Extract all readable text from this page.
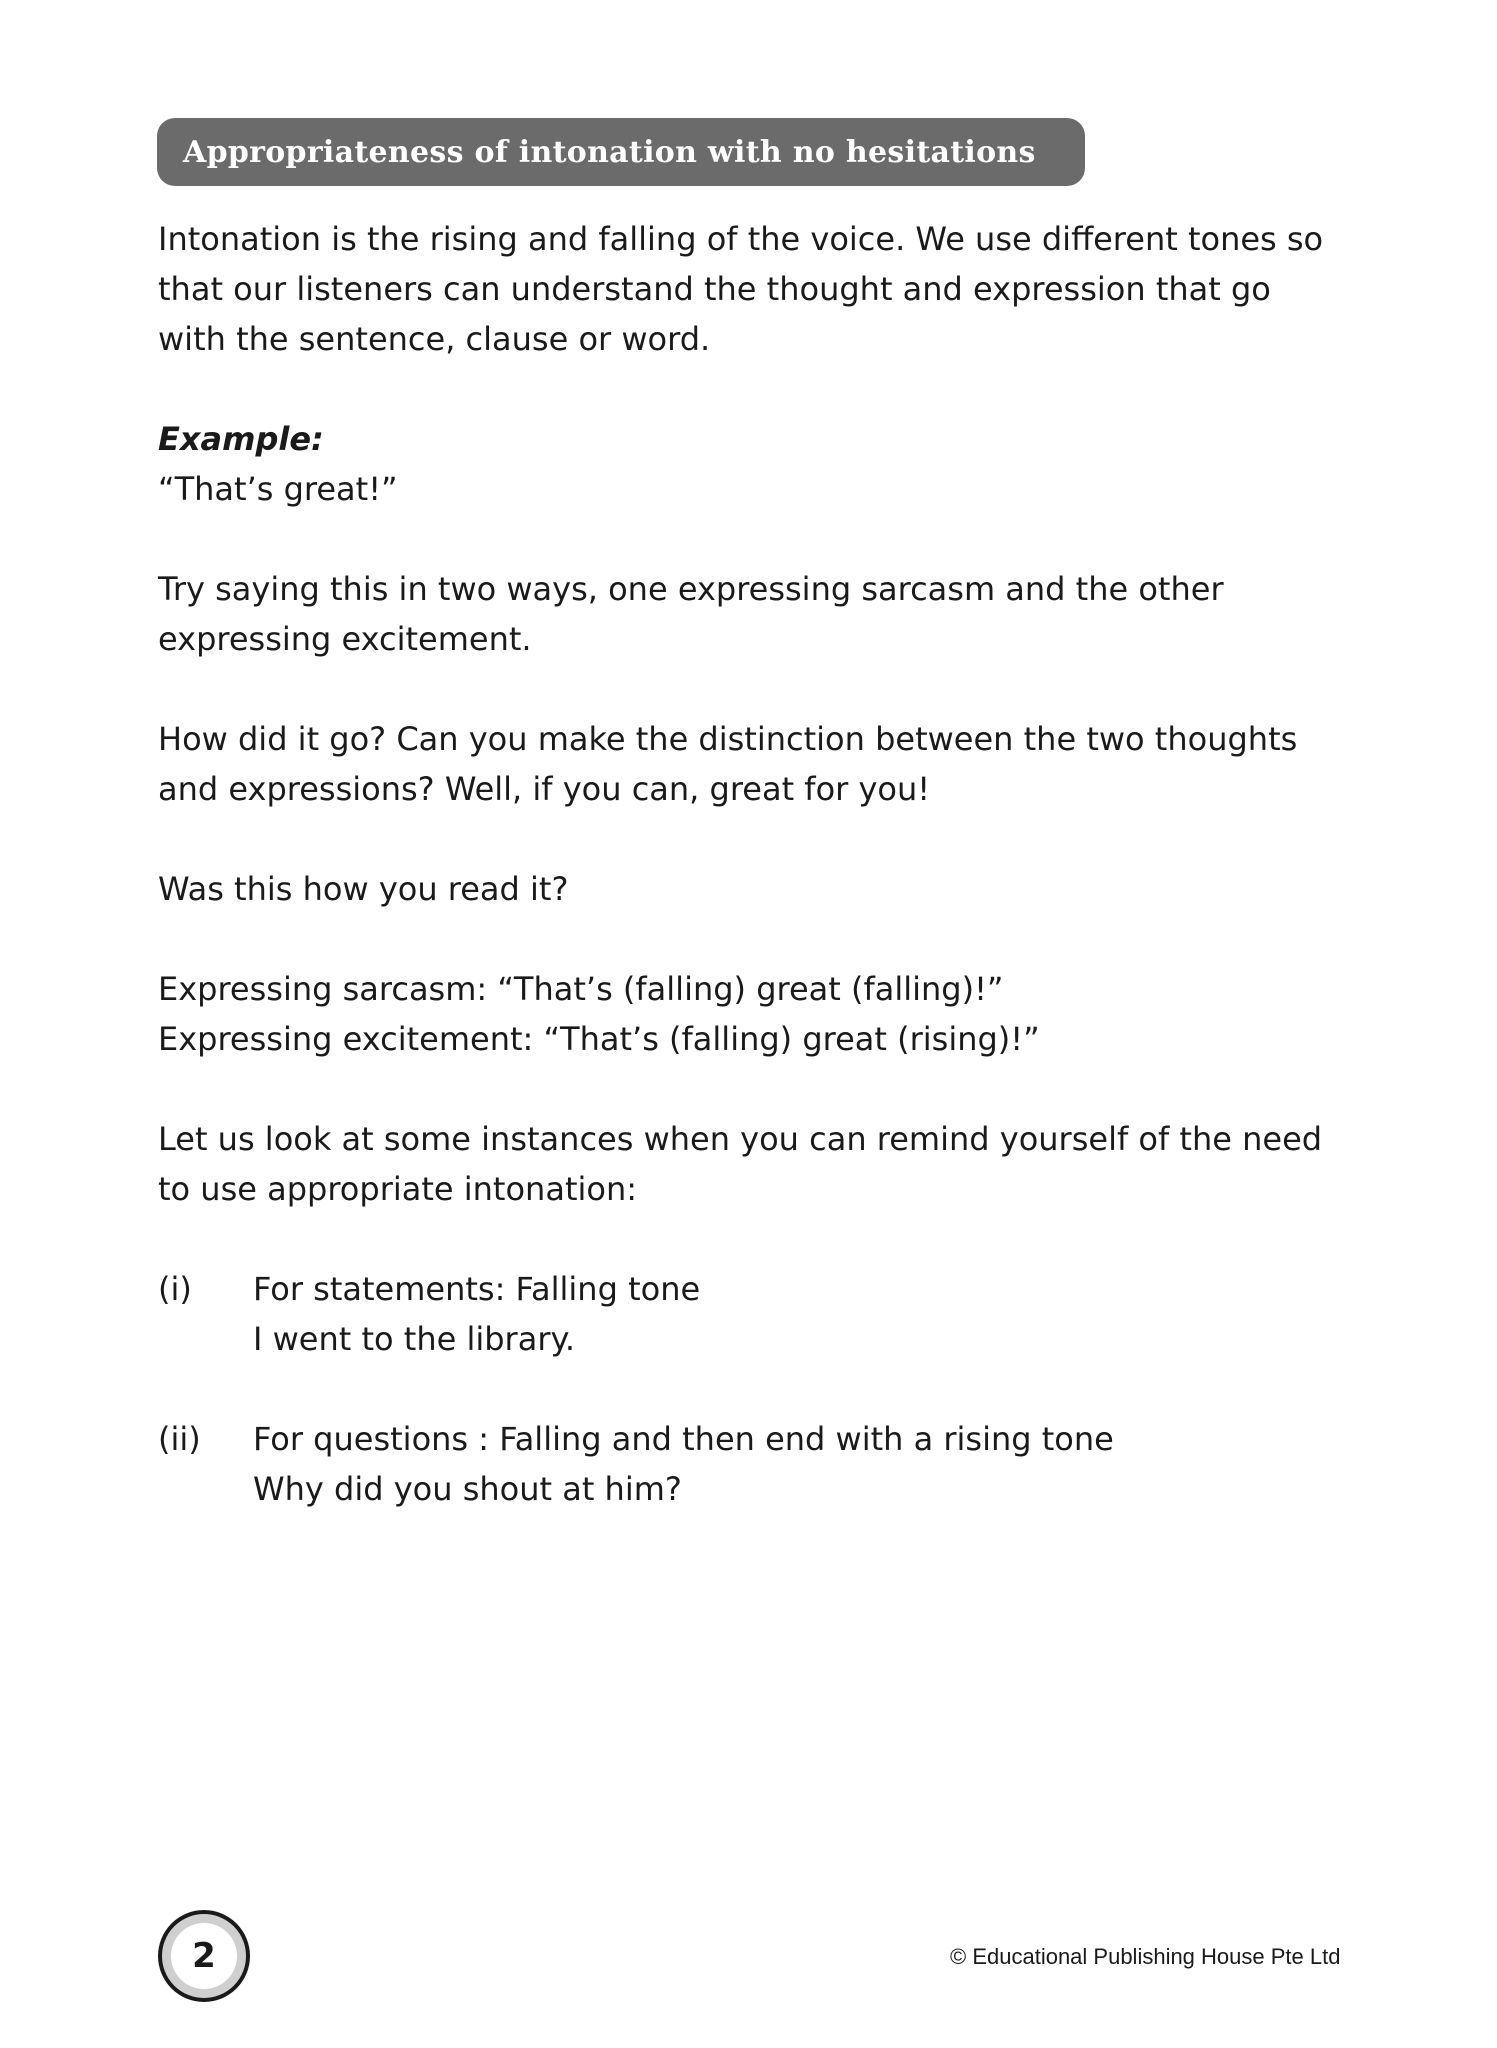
Appropriateness of intonation with no hesitations

Intonation is the rising and falling of the voice. We use different tones so that our listeners can understand the thought and expression that go with the sentence, clause or word.

Example:
“That’s great!”

Try saying this in two ways, one expressing sarcasm and the other expressing excitement.

How did it go? Can you make the distinction between the two thoughts and expressions? Well, if you can, great for you!

Was this how you read it?

Expressing sarcasm: “That’s (falling) great (falling)!”
Expressing excitement: “That’s (falling) great (rising)!”

Let us look at some instances when you can remind yourself of the need to use appropriate intonation:

(i)	For statements: Falling tone
I went to the library.
(ii)	For questions : Falling and then end with a rising tone
Why did you shout at him?
2	© Educational Publishing House Pte Ltd
